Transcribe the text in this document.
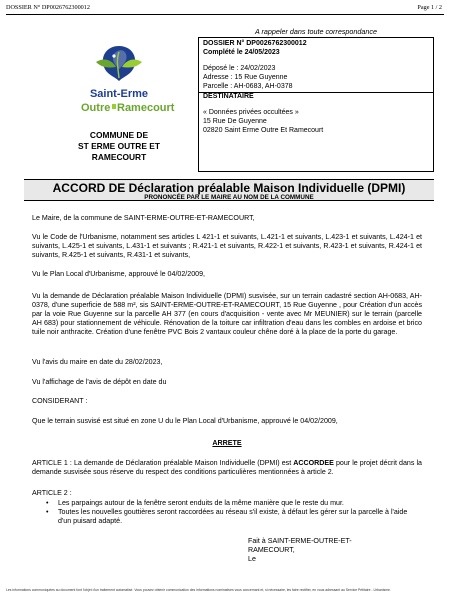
DOSSIER N° DP0026762300012	Page 1 / 2
Saint-Erme
Outre Ramecourt
COMMUNE DE
ST ERME OUTRE ET
RAMECOURT
A rappeler dans toute correspondance
DOSSIER N° DP0026762300012
Complété le 24/05/2023
Déposé le : 24/02/2023
Adresse : 15 Rue Guyenne
Parcelle : AH-0683, AH-0378
DESTINATAIRE
« Données privées occultées »
15 Rue De Guyenne
02820 Saint Erme Outre Et Ramecourt
ACCORD DE Déclaration préalable Maison Individuelle (DPMI)
PRONONCÉE PAR LE MAIRE AU NOM DE LA COMMUNE
Le Maire, de la commune de SAINT-ERME-OUTRE-ET-RAMECOURT,
Vu le Code de l'Urbanisme, notamment ses articles L 421-1 et suivants, L.421-1 et suivants, L.423-1 et suivants, L.424-1 et suivants, L.425-1 et suivants, L.431-1 et suivants ; R.421-1 et suivants, R.422-1 et suivants, R.423-1 et suivants, R.424-1 et suivants, R.425-1 et suivants, R.431-1 et suivants,
Vu le Plan Local d'Urbanisme, approuvé le 04/02/2009,
Vu la demande de Déclaration préalable Maison Individuelle (DPMI) susvisée, sur un terrain cadastré section AH-0683, AH-0378, d'une superficie de 588 m², sis SAINT-ERME-OUTRE-ET-RAMECOURT, 15 Rue Guyenne , pour Création d'un accès par la voie Rue Guyenne sur la parcelle AH 377 (en cours d'acquisition - vente avec Mr MEUNIER) sur le terrain (parcelle AH 683) pour stationnement de véhicule. Rénovation de la toiture car infiltration d'eau dans les combles en ardoise et brico tuile noir anthracite. Création d'une fenêtre PVC Bois 2 vantaux couleur chêne doré à la place de la porte du garage.
Vu l'avis du maire en date du 28/02/2023,
Vu l'affichage de l'avis de dépôt en date du
CONSIDERANT :
Que le terrain susvisé est situé en zone U du le Plan Local d'Urbanisme, approuvé le 04/02/2009,
ARRETE
ARTICLE 1 : La demande de Déclaration préalable Maison Individuelle (DPMI) est ACCORDEE pour le projet décrit dans la demande susvisée sous réserve du respect des conditions particulières mentionnées à article 2.
ARTICLE 2 :
• Les parpaings autour de la fenêtre seront enduits de la même manière que le reste du mur.
• Toutes les nouvelles gouttières seront raccordées au réseau s'il existe, à défaut les gérer sur la parcelle à l'aide d'un puisard adapté.
Fait à SAINT-ERME-OUTRE-ET-
RAMECOURT,
Le
Les informations communiquées au document font l'objet d'un traitement automatisé. Vous pouvez obtenir communication des informations nominatives vous concernant et, si nécessaire, les faire rectifier, en vous adressant au Service Pétitaire - Urbanisme.
